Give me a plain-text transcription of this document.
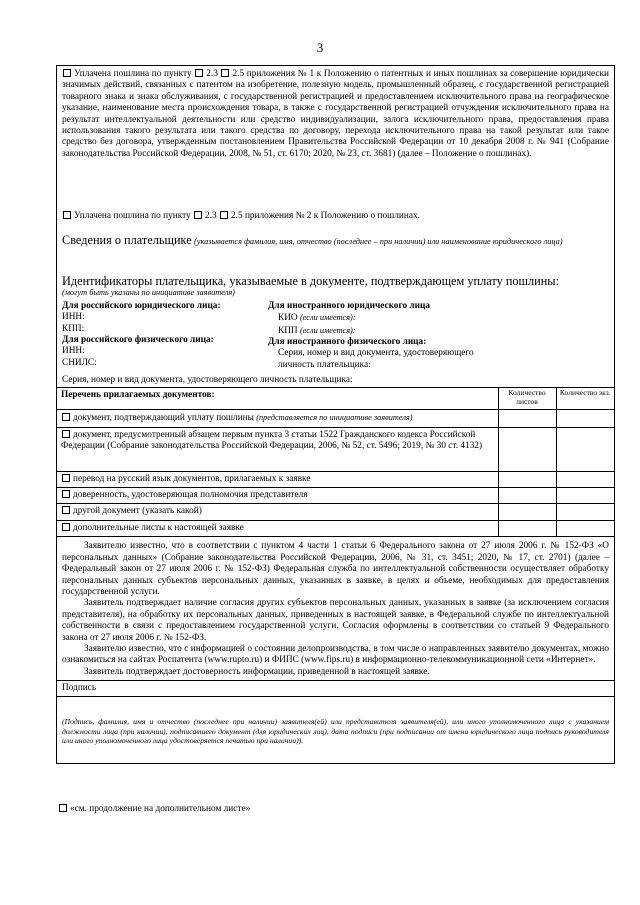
3
Уплачена пошлина по пункту 2.3 2.5 приложения № 1 к Положению о патентных и иных пошлинах за совершение юридически значимых действий, связанных с патентом на изобретение, полезную модель, промышленный образец, с государственной регистрацией товарного знака и знака обслуживания, с государственной регистрацией и предоставлением исключительного права на географическое указание, наименование места происхождения товара, в также с государственной регистрацией отчуждения исключительного права на результат интеллектуальной деятельности или средство индивидуализации, залога исключительного права, предоставления права использования такого результата или такого средства по договору, перехода исключительного права на такой результат или такое средство без договора, утвержденным постановлением Правительства Российской Федерации от 10 декабря 2008 г. № 941 (Собрание законодательства Российской Федерации, 2008, № 51, ст. 6170; 2020, № 23, ст. 3681) (далее – Положение о пошлинах).
Уплачена пошлина по пункту 2.3 2.5 приложения № 2 к Положению о пошлинах.
Сведения о плательщике (указывается фамилия, имя, отчество (последнее – при наличии) или наименование юридического лица)
Идентификаторы плательщика, указываемые в документе, подтверждающем уплату пошлины:
(могут быть указаны по инициативе заявителя)
Для российского юридического лица:
ИНН:
КПП:
Для российского физического лица:
ИНН:
СНИЛС:
Для иностранного юридического лица
КИО (если имеется):
КПП (если имеется):
Для иностранного физического лица:
Серия, номер и вид документа, удостоверяющего
личность плательщика:
Серия, номер и вид документа, удостоверяющего личность плательщика:
Перечень прилагаемых документов:	Количество листов	Количество экз.
документ, подтверждающий уплату пошлины (представляется по инициативе заявителя)		
документ, предусмотренный абзацем первым пункта 3 статьи 1522 Гражданского кодекса Российской Федерации (Собрание законодательства Российской Федерации, 2006, № 52, ст. 5496; 2019, № 30 ст. 4132)		
перевод на русский язык документов, прилагаемых к заявке		
доверенность, удостоверяющая полномочия представителя		
другой документ (указать какой)		
дополнительные листы к настоящей заявке		

Заявителю известно, что в соответствии с пунктом 4 части 1 статьи 6 Федерального закона от 27 июля 2006 г. № 152-ФЗ «О персональных данных» (Собрание законодательства Российской Федерации, 2006, № 31, ст. 3451; 2020, № 17, ст. 2701) (далее – Федеральный закон от 27 июля 2006 г. № 152-ФЗ) Федеральная служба по интеллектуальной собственности осуществляет обработку персональных данных субъектов персональных данных, указанных в заявке, в целях и объеме, необходимых для предоставления государственной услуги.

Заявитель подтверждает наличие согласия других субъектов персональных данных, указанных в заявке (за исключением согласия представителя), на обработку их персональных данных, приведенных в настоящей заявке, в Федеральной службе по интеллектуальной собственности в связи с предоставлением государственной услуги. Согласия оформлены в соответствии со статьей 9 Федерального закона от 27 июля 2006 г. № 152-ФЗ.

Заявителю известно, что с информацией о состоянии делопроизводства, в том числе о направленных заявителю документах, можно ознакомиться на сайтах Роспатента (www.rupto.ru) и ФИПС (www.fips.ru) в информационно-телекоммуникационной сети «Интернет».

Заявитель подтверждает достоверность информации, приведенной в настоящей заявке.

Подпись
(Подпись, фамилия, имя и отчество (последнее при наличии) заявителя(ей) или представителя заявителя(ей), или иного уполномоченного лица с указанием должности лица (при наличии), подписавшего документ (для юридических лиц), дата подписи (при подписании от имени юридического лица подпись руководителя или иного уполномоченного лица удостоверяется печатью при наличии)).
«см. продолжение на дополнительном листе»
